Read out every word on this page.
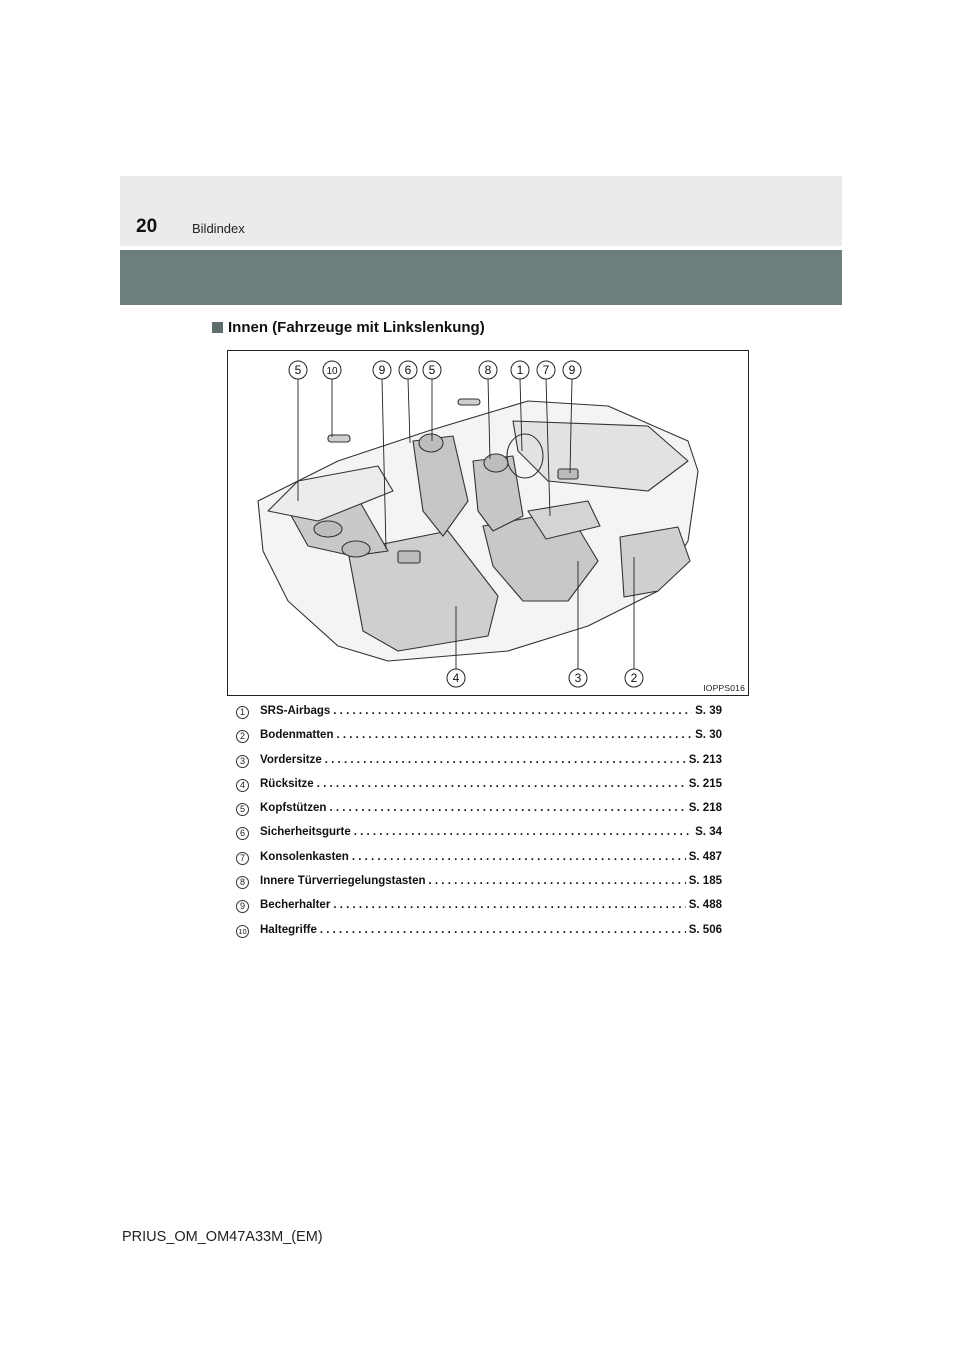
20	Bildindex
Innen (Fahrzeuge mit Linkslenkung)
5	10	9 6 5	8 1 7 9
4	3	2
IOPPS016
1	SRS-Airbags . . .	S. 39
2	Bodenmatten . . .	S. 30
3	Vordersitze . . .	S. 213
4	Rücksitze . . .	S. 215
5	Kopfstützen . . .	S. 218
6	Sicherheitsgurte . . .	S. 34
7	Konsolenkasten . . .	S. 487
8	Innere Türverriegelungstasten . . .	S. 185
9	Becherhalter . . .	S. 488
10 Haltegriffe . . .	S. 506
PRIUS_OM_OM47A33M_(EM)
